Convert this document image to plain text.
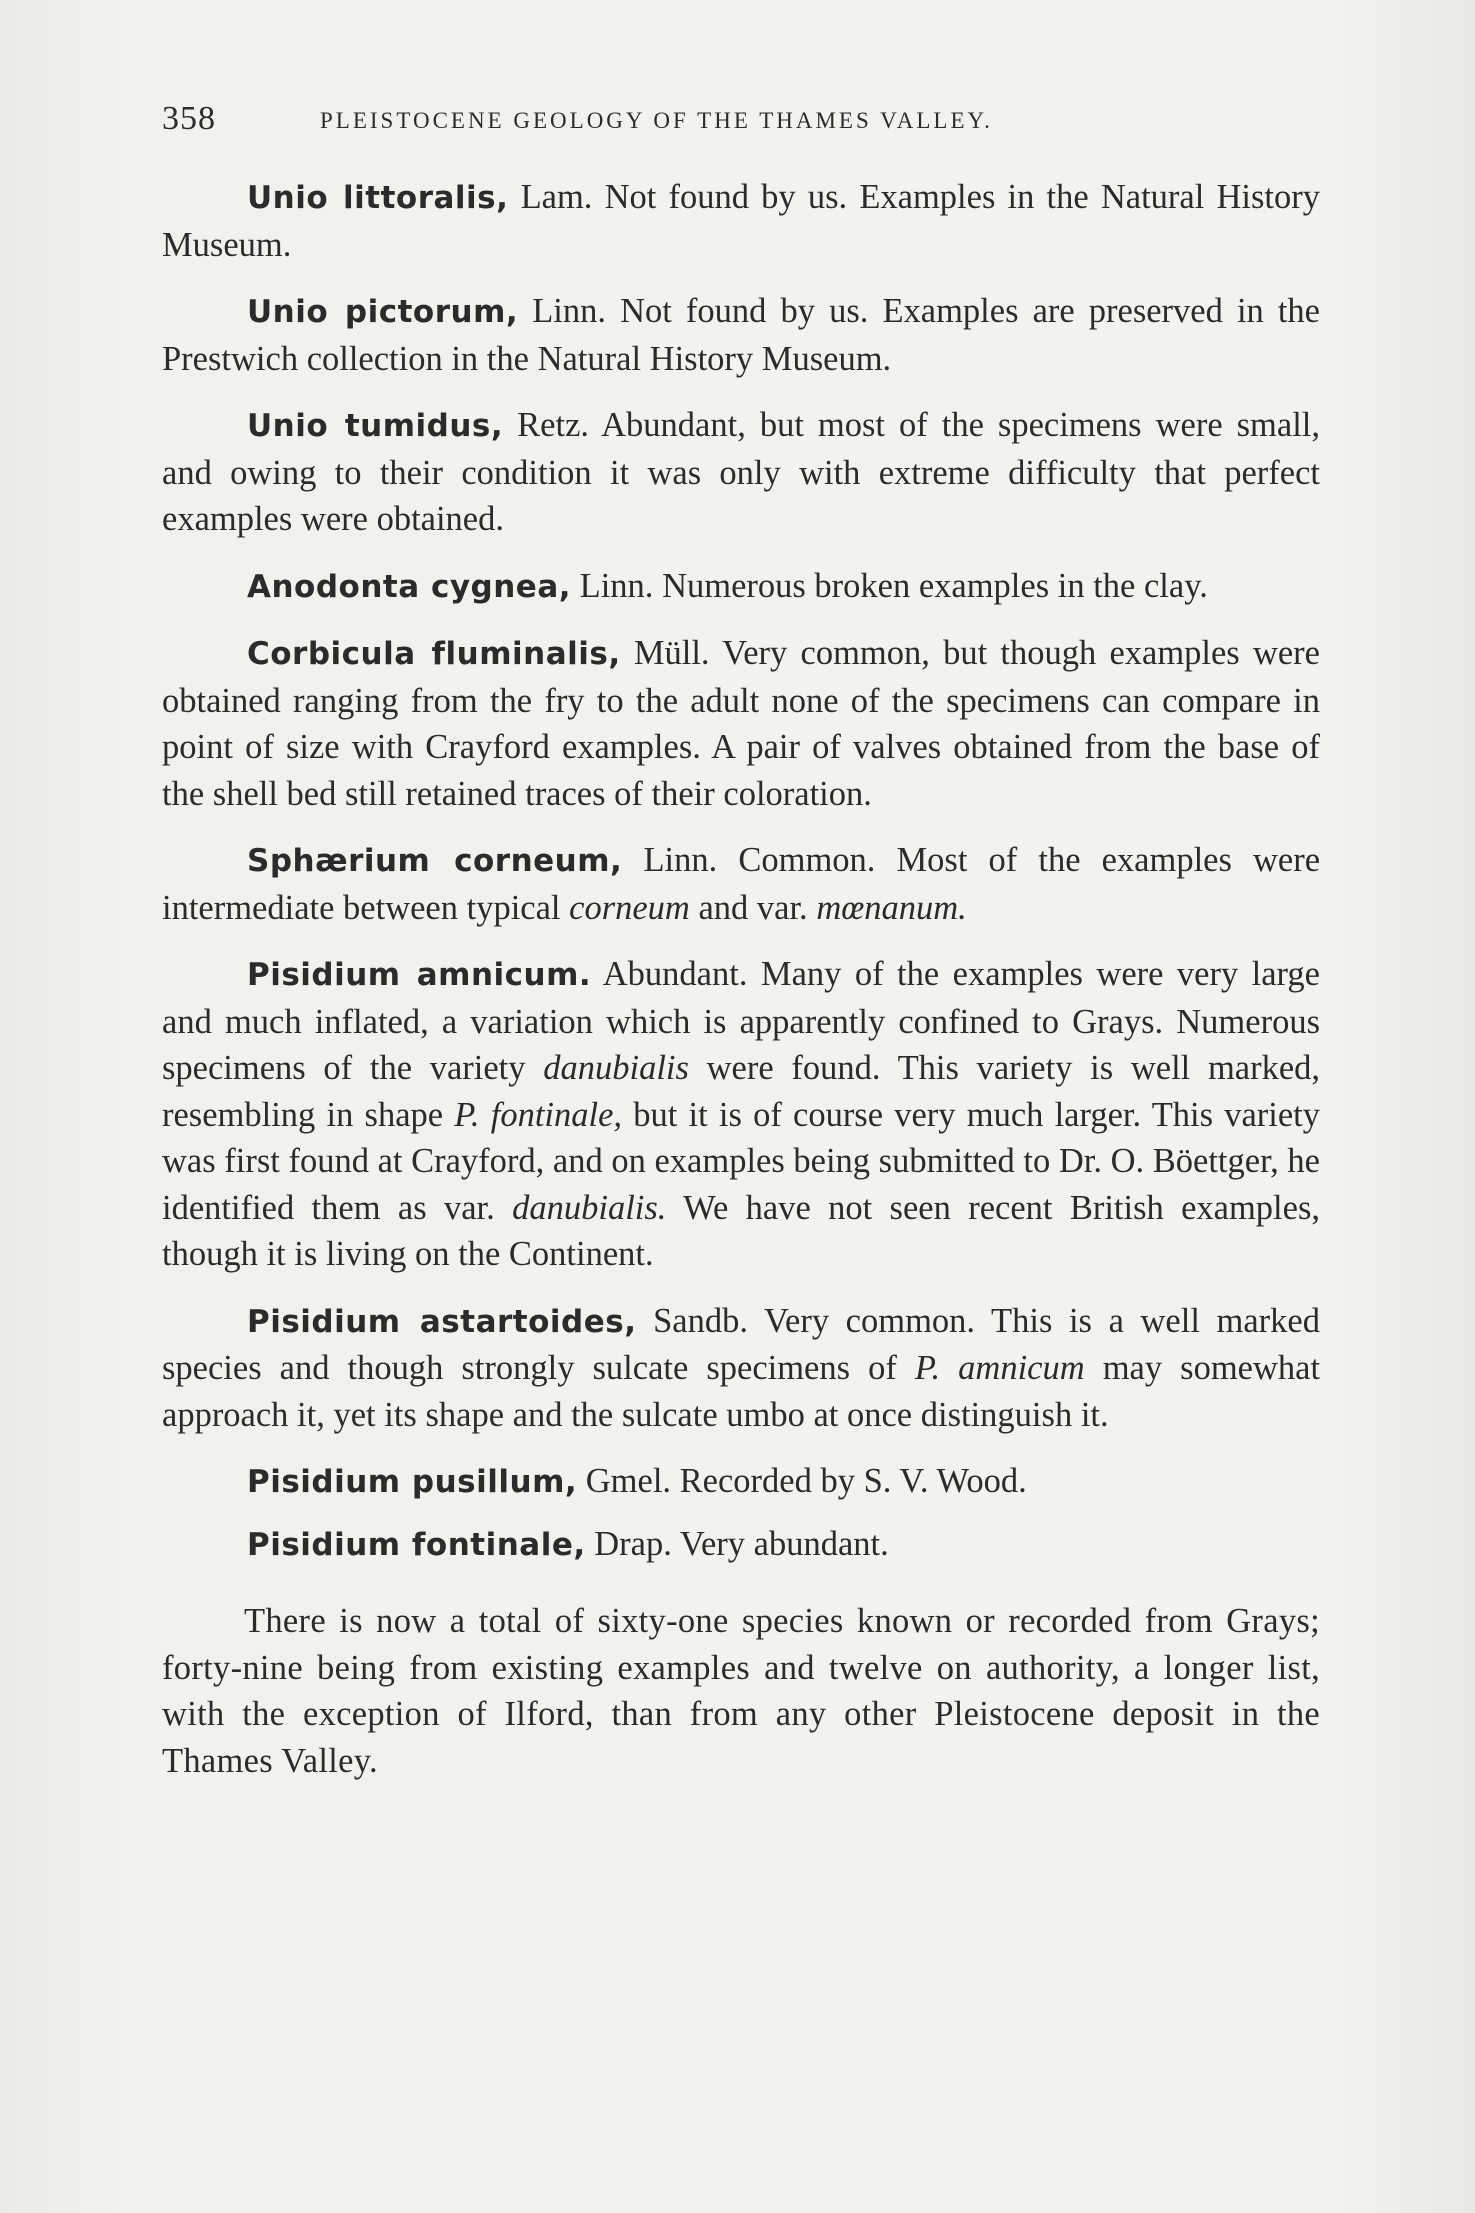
358	PLEISTOCENE GEOLOGY OF THE THAMES VALLEY.

Unio littoralis, Lam. Not found by us. Examples in the Natural History Museum.

Unio pictorum, Linn. Not found by us. Examples are preserved in the Prestwich collection in the Natural History Museum.

Unio tumidus, Retz. Abundant, but most of the specimens were small, and owing to their condition it was only with extreme difficulty that perfect examples were obtained.

Anodonta cygnea, Linn. Numerous broken examples in the clay.

Corbicula fluminalis, Müll. Very common, but though examples were obtained ranging from the fry to the adult none of the specimens can compare in point of size with Crayford examples. A pair of valves obtained from the base of the shell bed still retained traces of their coloration.

Sphærium corneum, Linn. Common. Most of the examples were intermediate between typical corneum and var. mœnanum.

Pisidium amnicum. Abundant. Many of the examples were very large and much inflated, a variation which is apparently confined to Grays. Numerous specimens of the variety danubialis were found. This variety is well marked, resembling in shape P. fontinale, but it is of course very much larger. This variety was first found at Crayford, and on examples being submitted to Dr. O. Böettger, he identified them as var. danubialis. We have not seen recent British examples, though it is living on the Continent.

Pisidium astartoides, Sandb. Very common. This is a well marked species and though strongly sulcate specimens of P. amnicum may somewhat approach it, yet its shape and the sulcate umbo at once distinguish it.

Pisidium pusillum, Gmel. Recorded by S. V. Wood.

Pisidium fontinale, Drap. Very abundant.

There is now a total of sixty-one species known or recorded from Grays; forty-nine being from existing examples and twelve on authority, a longer list, with the exception of Ilford, than from any other Pleistocene deposit in the Thames Valley.
